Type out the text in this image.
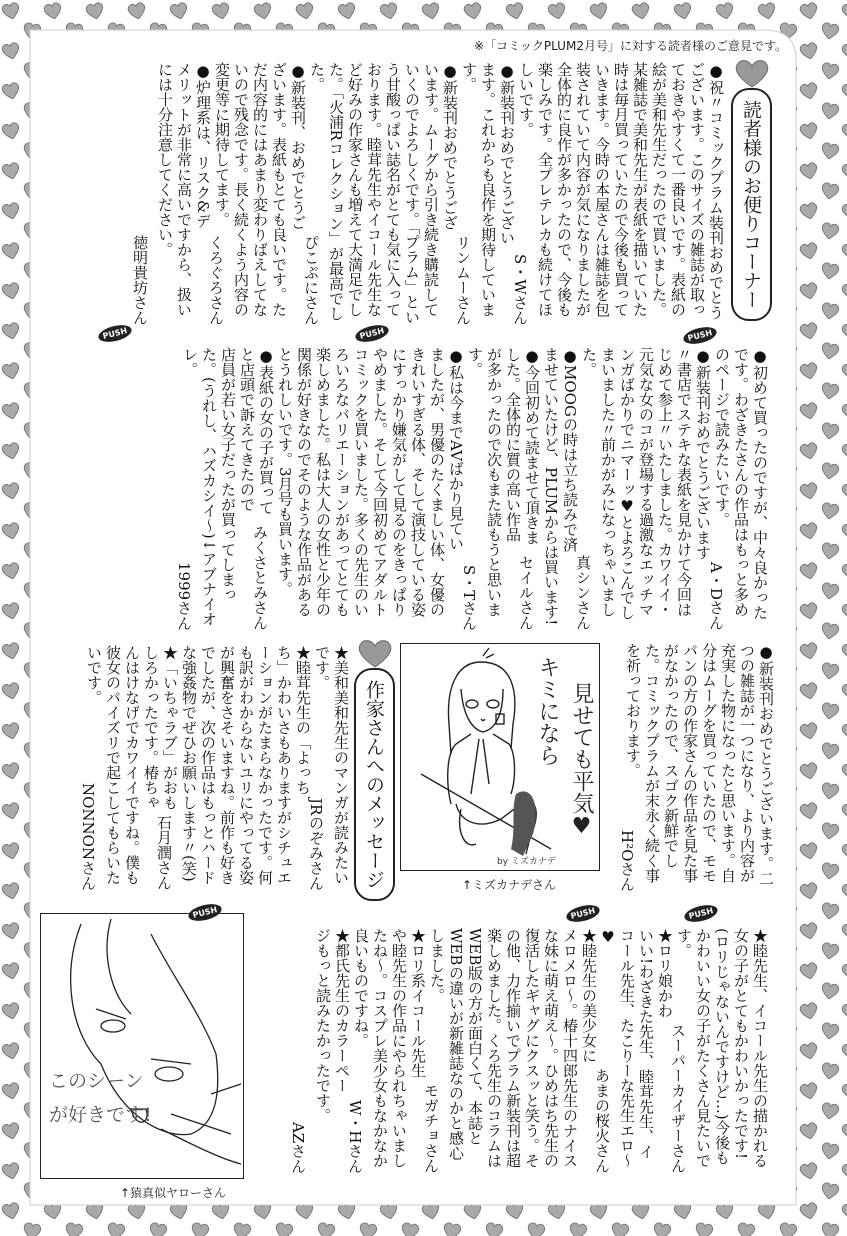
※「コミックPLUM2月号」に対する読者様のご意見です。
読者様のお便りコーナー
●祝〃コミックプラム装刊おめでとうございます。このサイズの雑誌が取っておきやすくて一番良いです。表紙の絵が美和先生だったので買いました。某雑誌で美和先生が表紙を描いていた時は毎月買っていたので今後も買っていきます。今時の本屋さんは雑誌を包装されていて内容が気になりましたが全体的に良作が多かったので、今後も楽しみです。全プレテレカも続けてほしいです。
S・Wさん
●新装刊おめでとうございます。これからも良作を期待しています。
リンムーさん
●新装刊おめでとうございます。ムーグから引き続き購読していくのでよろしくです。「プラム」という甘酸っぱい誌名がとても気に入っております。睦茸先生やイコール先生など好みの作家さんも増えて大満足でした。「火浦Rコレクション」が最高でした。
ぴこぷにさん
●新装刊、おめでとうございます。表紙もとても良いです。ただ内容的にはあまり変わりばえしてないので残念です。長く続くよう内容の変更等に期待してます。
くろぐろさん
●炉理系は、リスク&デメリットが非常に高いですから、扱いには十分注意してください。
徳明貴坊さん
●初めて買ったのですが、中々良かったです。わざきたさんの作品はもっと多めのページで読みたいです。
A・Dさん
●新装刊おめでとうございます〃書店でステキな表紙を見かけて今回はじめて参上〃いたしました。カワイイ・元気な女のコが登場する過激なエッチマンガばかりでニマーッ♥とよろこんでしまいました〃前かがみになっちゃいました。
真シンさん
●MOOGの時は立ち読みで済ませていたけど、PLUMからは買います!
セイルさん
●今回初めて読ませて頂きました。全体的に質の高い作品が多かったので次もまた読もうと思います。
S・Tさん
●私は今までAVばかり見ていましたが、男優のたくましい体、女優のきれいすぎる体、そして演技している姿にすっかり嫌気がして見るのをきっぱりやめました。そして今回初めてアダルトコミックを買いました。多くの先生のいろいろなバリエーションがあってとても楽しめました。私は大人の女性と少年の関係が好きなのでそのような作品があるとうれしいです。3月号も買います。
みくさとみさん
●表紙の女の子が買ってと店頭で訴えてきたので店員が若い女子だったが買ってしまった。(うれし、ハズカシイ〜)↓アブナイオレ。
1999さん
●新装刊おめでとうございます。二つの雑誌が一つになり、より内容が充実した物になったと思います。自分はムーグを買っていたので、モモパンの方の作家さんの作品を見た事がなかったので、スゴク新鮮でした。コミックプラムが末永く続く事を祈っております。
H²Oさん
キミになら 見せても平気♥
by ミズカナデ
↑ミズカナデさん
作家さんへのメッセージ
★美和美和先生のマンガが読みたいです。
JRのぞみさん
★睦茸先生の「よっちち」かわいさもありますがシチュエーションがたまらなかったです。何も訳がわからないユリにやってる姿が興奮をさそいますね。前作も好きでしたが、次の作品はもっとハードな強姦物でぜひお願いします〃(笑)
石月潤さん
★「いちゃラブ」がおもしろかったです。椿ちゃんはけなげでカワイイですね。僕も彼女のパイズリで起こしてもらいたいです。
NONNONさん
★睦先生、イコール先生の描かれる女の子がとてもかわいかったです!(ロリじゃないんですけど…)今後もかわいい女の子がたくさん見たいです。
スーパーカイザーさん
★ロリ娘かわいい!わざきた先生、睦茸先生、イコール先生、たこりーな先生エロ〜♥
あまの桜火さん
★睦先生の美少女にメロメロ〜。椿十四郎先生のナイスな妹に萌え萌え〜。ひめはち先生の復活したギャグにクスッと笑う。その他、力作揃いでプラム新装刊は超楽しめました。くろ先生のコラムはWEB版の方が面白くて、本誌とWEBの違いが新雑誌なのかと感心しました。
モガチョさん
★ロリ系イコール先生や睦先生の作品にやられちゃいましたね〜。コスプレ美少女もなかなか良いものですね。
W・Hさん
★都氏先生のカラーページもっと読みたかったです。
AZさん
このシーンが好きです!
↑猿真似ヤローさん
PUSH
PUSH
PUSH
PUSH
PUSH
PUSH
